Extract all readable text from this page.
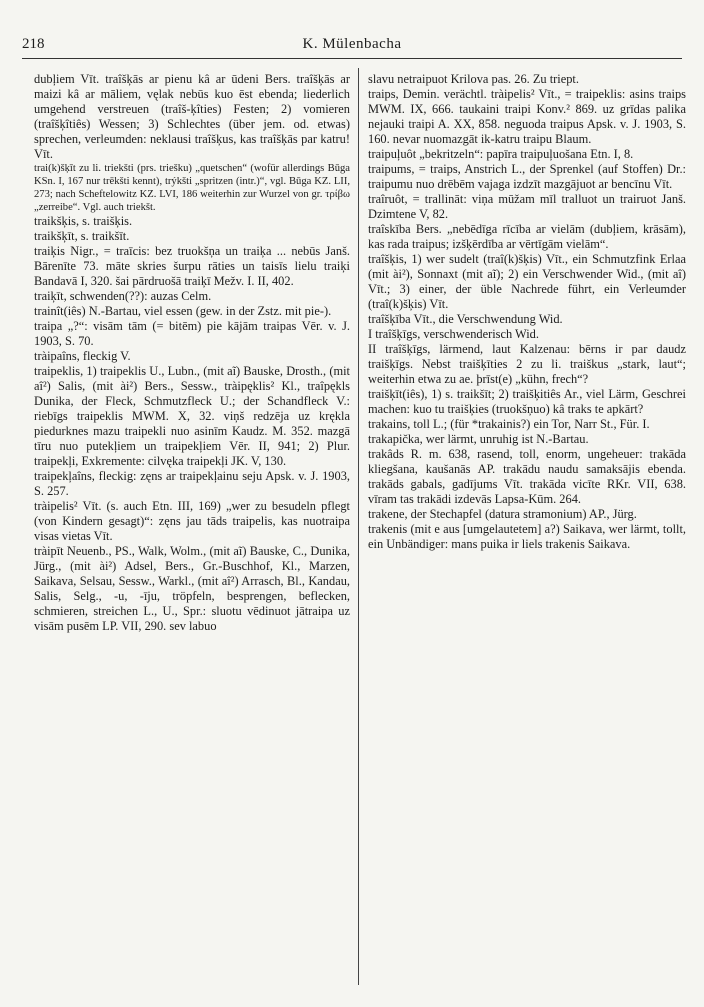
218	K. Mülenbacha

dubļiem Vīt. traîšķās ar pienu kâ ar ūdeni Bers. traîšķās ar maizi kâ ar māliem, vęlak nebūs kuo ēst ebenda; liederlich umgehend verstreuen (traîš-ķîties) Festen; 2) vomieren (traîšķîtiês) Wessen; 3) Schlechtes (über jem. od. etwas) sprechen, verleumden: neklausi traîšķus, kas traîšķās par katru! Vīt.

trai(k)šķīt zu li. triekšti (prs. triešku) „quetschen“ (wofür allerdings Būga KSn. I, 167 nur trēkšti kennt), trýkšti „spritzen (intr.)“, vgl. Būga KZ. LII, 273; nach Scheftelowitz KZ. LVI, 186 weiterhin zur Wurzel von gr. τρίβω „zerreibe“. Vgl. auch triekšt.

traikšķis, s. traišķis.

traikšķīt, s. traikšīt.

traiķis Nigr., = traīcis: bez truokšņa un traiķa ... nebūs Janš. Bārenīte 73. māte skries šurpu rāties un taisīs lielu traiķi Bandavā I, 320. šai pārdruošā traiķī Mežv. I. II, 402.

traiķīt, schwenden(??): auzas Celm.

trainît(iês) N.-Bartau, viel essen (gew. in der Zstz. mit pie-).

traipa „?“: visām tām (= bitēm) pie kājām traipas Vēr. v. J. 1903, S. 70.

tràipaîns, fleckig V.

traipeklis, 1) traipeklis U., Lubn., (mit aĩ) Bauske, Drosth., (mit aî²) Salis, (mit ài²) Bers., Sessw., tràipęklis² Kl., traîpękls Dunika, der Fleck, Schmutzfleck U.; der Schandfleck V.: riebīgs traipeklis MWM. X, 32. viņš redzēja uz krękla piedurknes mazu traipekli nuo asinīm Kaudz. M. 352. mazgā tīru nuo putekļiem un traipekļiem Vēr. II, 941; 2) Plur. traipekļi, Exkremente: cilvęka traipekļi JK. V, 130.

traipekļaîns, fleckig: zęns ar traipekļainu seju Apsk. v. J. 1903, S. 257.

tràipelis² Vīt. (s. auch Etn. III, 169) „wer zu besudeln pflegt (von Kindern gesagt)“: zęns jau tāds traipelis, kas nuotraipa visas vietas Vīt.

tràipīt Neuenb., PS., Walk, Wolm., (mit aĩ) Bauske, C., Dunika, Jürg., (mit ài²) Adsel, Bers., Gr.-Buschhof, Kl., Marzen, Saikava, Selsau, Sessw., Warkl., (mit aî²) Arrasch, Bl., Kandau, Salis, Selg., -u, -īju, tröpfeln, besprengen, beflecken, schmieren, streichen L., U., Spr.: sluotu vēdinuot jātraipa uz visām pusēm LP. VII, 290. sev labuo

slavu netraipuot Krilova pas. 26. Zu triept.

traips, Demin. verächtl. tràipelis² Vīt., = traipeklis: asins traips MWM. IX, 666. taukaini traipi Konv.² 869. uz grīdas palika nejauki traipi A. XX, 858. neguoda traipus Apsk. v. J. 1903, S. 160. nevar nuomazgāt ik-katru traipu Blaum.

traipuļuôt „bekritzeln“: papīra traipuļuošana Etn. I, 8.

traipums, = traips, Anstrich L., der Sprenkel (auf Stoffen) Dr.: traipumu nuo drēbēm vajaga izdzīt mazgājuot ar bencīnu Vīt.

traîruôt, = trallināt: viņa mūžam mīl tralluot un trairuot Janš. Dzimtene V, 82.

traîskība Bers. „nebēdīga rīcība ar vielām (dubļiem, krāsām), kas rada traipus; izšķērdība ar vērtīgām vielām“.

traîšķis, 1) wer sudelt (traî(k)šķis) Vīt., ein Schmutzfink Erlaa (mit ài²), Sonnaxt (mit aĩ); 2) ein Verschwender Wid., (mit aî) Vīt.; 3) einer, der üble Nachrede führt, ein Verleumder (traî(k)šķis) Vīt.

traîšķība Vīt., die Verschwendung Wid.

I traîšķīgs, verschwenderisch Wid.

II traîšķīgs, lärmend, laut Kalzenau: bērns ir par daudz traišķīgs. Nebst traišķīties 2 zu li. traiškus „stark, laut“; weiterhin etwa zu ae. þrīst(e) „kühn, frech“?

traišķīt(iês), 1) s. traikšīt; 2) traišķitiês Ar., viel Lärm, Geschrei machen: kuo tu traišķies (truokšņuo) kâ traks te apkārt?

trakains, toll L.; (für *trakainis?) ein Tor, Narr St., Für. I.

trakapička, wer lärmt, unruhig ist N.-Bartau.

trakâds R. m. 638, rasend, toll, enorm, ungeheuer: trakāda kliegšana, kaušanās AP. trakādu naudu samaksājis ebenda. trakāds gabals, gadījums Vīt. trakāda vicīte RKr. VII, 638. vīram tas trakādi izdevās Lapsa-Kūm. 264.

trakene, der Stechapfel (datura stramonium) AP., Jürg.

trakenis (mit e aus [umgelautetem] a?) Saikava, wer lärmt, tollt, ein Unbändiger: mans puika ir liels trakenis Saikava.
